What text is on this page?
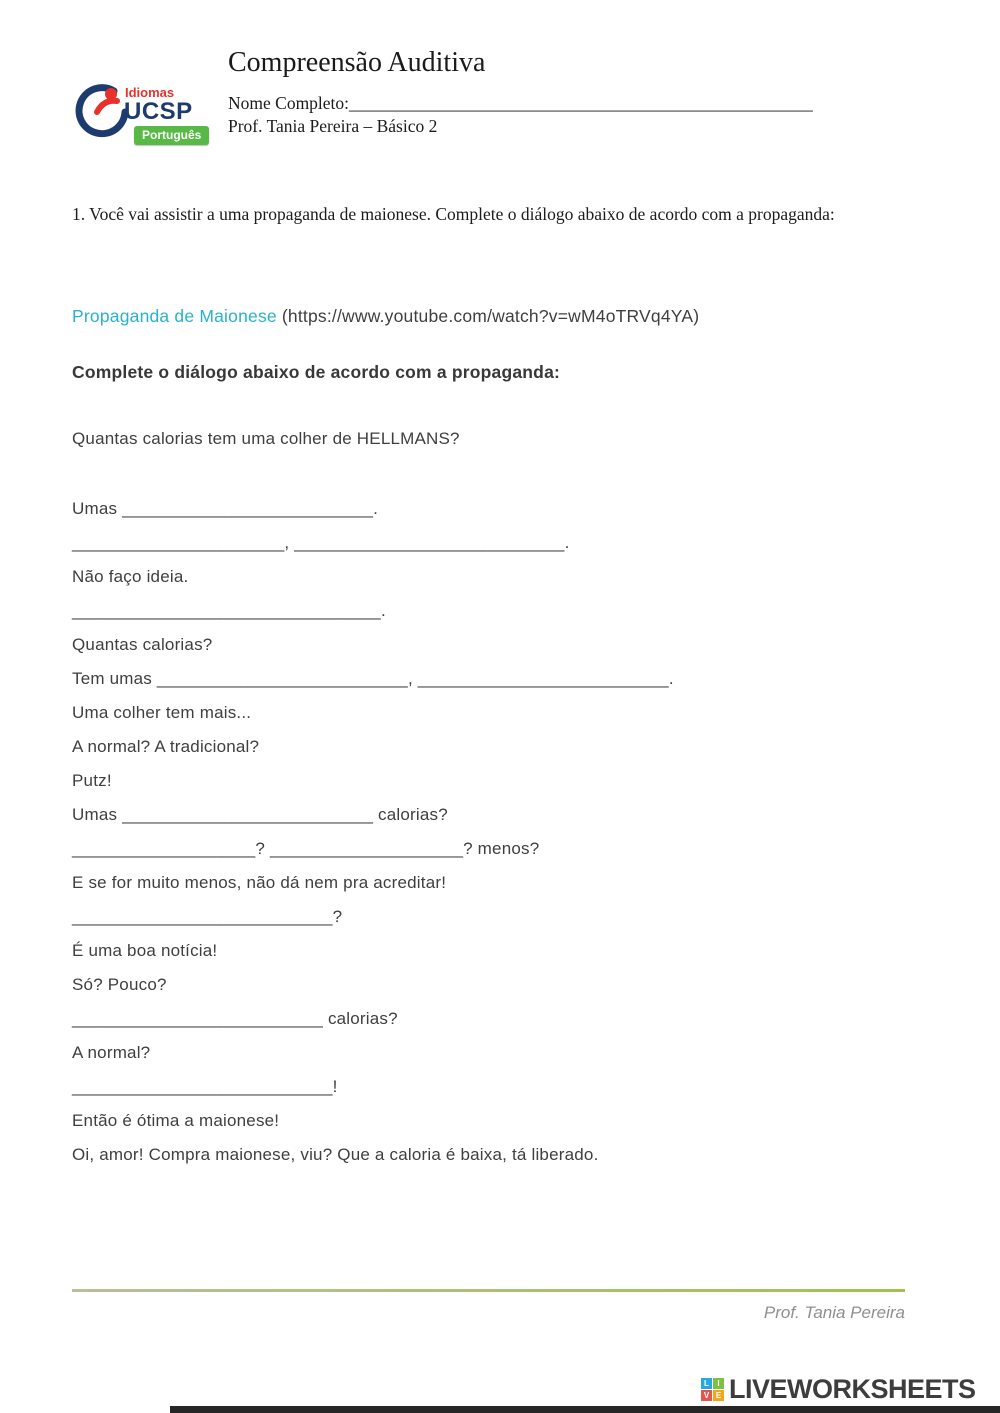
Idiomas
UCSP
Português
Compreensão Auditiva
Nome Completo:_____________________________________________________
Prof. Tania Pereira – Básico 2
1. Você vai assistir a uma propaganda de maionese. Complete o diálogo abaixo de acordo com a propaganda:
Propaganda de Maionese (https://www.youtube.com/watch?v=wM4oTRVq4YA)
Complete o diálogo abaixo de acordo com a propaganda:
Quantas calorias tem uma colher de HELLMANS?
Umas __________________________.
______________________, ____________________________.
Não faço ideia.
________________________________.
Quantas calorias?
Tem umas __________________________, __________________________.
Uma colher tem mais...
A normal? A tradicional?
Putz!
Umas __________________________ calorias?
___________________? ____________________? menos?
E se for muito menos, não dá nem pra acreditar!
___________________________?
É uma boa notícia!
Só? Pouco?
__________________________ calorias?
A normal?
___________________________!
Então é ótima a maionese!
Oi, amor! Compra maionese, viu? Que a caloria é baixa, tá liberado.
Prof. Tania Pereira
L	I
V E LIVEWORKSHEETS
